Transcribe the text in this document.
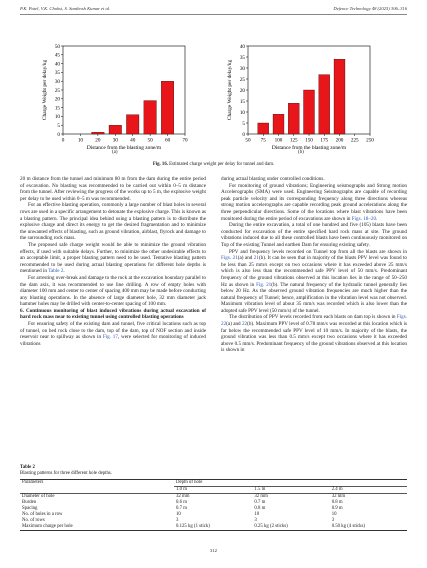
P.K. Patel, V.K. Choksi, S. Santhosh Kumar et al.	Defence Technology 48 (2025) 306–316
0	10 20 30 40 50 60 70
0
5
10
15
20
25
30
35
40
45
50
Distance from the blasting zone/m
Charge Weight per delay/kg
50 75 100 125 150 175 200 225 250
0
5
10
15
20
25
30
35
40
Distance from the blasting zone/m
Charge Weight per delay/kg
(a)	(b)
Fig. 16. Estimated charge weight per delay for tunnel and dam.

20 m distance from the tunnel and minimum 80 m from the dam during the entire period of excavation. No blasting was recommended to be carried out within 0–5 m distance from the tunnel. After reviewing the progress of the works up to 5 m, the explosive weight per delay to be used within 0–5 m was recommended.

For an effective blasting operation, commonly a large number of blast holes in several rows are used in a specific arrangement to detonate the explosive charge. This is known as a blasting pattern. The principal idea behind using a blasting pattern is to distribute the explosive charge and direct its energy to get the desired fragmentation and to minimize the unwanted effects of blasting, such as ground vibration, airblast, flyrock and damage to the surrounding rock mass.

The proposed safe charge weight would be able to minimize the ground vibration effects, if used with suitable delays. Further, to minimize the other undesirable effects to an acceptable limit, a proper blasting pattern need to be used. Tentative blasting pattern recommended to be used during actual blasting operations for different hole depths is mentioned in Table 2.

For arresting over-break and damage to the rock at the excavation boundary parallel to the dam axis, it was recommended to use line drilling. A row of empty holes with diameter 100 mm and center to center of spacing 400 mm may be made before conducting any blasting operations. In the absence of large diameter hole, 32 mm diameter jack hammer holes may be drilled with center-to-center spacing of 100 mm.

6. Continuous monitoring of blast induced vibrations during actual excavation of hard rock mass near to existing tunnel using controlled blasting operations

For ensuring safety of the existing dam and tunnel, five critical locations such as top of tunnel, on bed rock close to the dam, top of the dam, top of NOF section and inside reservoir near to spillway as shown in Fig. 17, were selected for monitoring of induced vibrations

during actual blasting under controlled conditions.

For monitoring of ground vibrations; Engineering seismographs and Strong motion Accelerographs (SMA) were used. Engineering Seismographs are capable of recording peak particle velocity and its corresponding frequency along three directions whereas strong motion accelerographs are capable recording peak ground accelerations along the three perpendicular directions. Some of the locations where blast vibrations have been monitored during the entire period of excavations are shown in Figs. 18–20.

During the entire excavation, a total of one hundred and five (105) blasts have been conducted for excavation of the entire specified hard rock mass at site. The ground vibrations induced due to all these controlled blasts have been continuously monitored on Top of the existing Tunnel and earthen Dam for ensuring existing safety.

PPV and frequency levels recorded on Tunnel top from all the blasts are shown in Figs. 21(a) and 21(b). It can be seen that in majority of the blasts PPV level was found to be less than 25 mm/s except on two occasions where it has exceeded above 25 mm/s which is also less than the recommended safe PPV level of 50 mm/s. Predominant frequency of the ground vibrations observed at this location lies in the range of 50–250 Hz as shown in Fig. 21(b). The natural frequency of the hydraulic tunnel generally lies below 20 Hz. As the observed ground vibration frequencies are much higher than the natural frequency of Tunnel; hence, amplification in the vibration level was not observed. Maximum vibration level of about 35 mm/s was recorded which is also lower than the adopted safe PPV level (50 mm/s) of the tunnel.

The distribution of PPV levels recorded from each blasts on dam top is shown in Figs. 22(a) and 22(b). Maximum PPV level of 0.78 mm/s was recorded at this location which is far below the recommended safe PPV level of 10 mm/s. In majority of the blasts, the ground vibration was less than 0.5 mm/s except two occasions where it has exceeded above 0.5 mm/s. Predominant frequency of the ground vibrations observed at this location is shown in

Table 2
Blasting patterns for three different hole depths.
Parameters	Depth of hole		
	1.0 m	1.5 m	2.4 m
Diameter of hole	32 mm	32 mm	32 mm
Burden	0.6 m	0.7 m	0.8 m
Spacing	0.7 m	0.8 m	0.9 m
No. of holes in a row	10	10	10
No. of rows	3	3	3
Maximum charge per hole	0.125 kg (1 stick)	0.25 kg (2 sticks)	0.50 kg (4 sticks)
312
